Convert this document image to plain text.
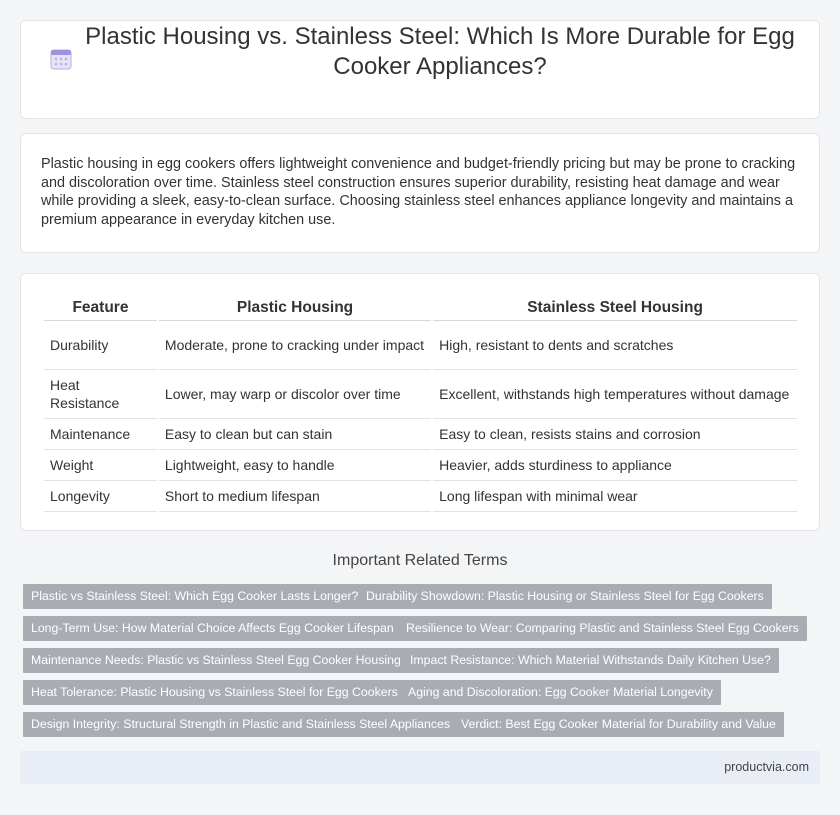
Plastic Housing vs. Stainless Steel: Which Is More Durable for Egg Cooker Appliances?

Plastic housing in egg cookers offers lightweight convenience and budget-friendly pricing but may be prone to cracking and discoloration over time. Stainless steel construction ensures superior durability, resisting heat damage and wear while providing a sleek, easy-to-clean surface. Choosing stainless steel enhances appliance longevity and maintains a premium appearance in everyday kitchen use.

Feature	Plastic Housing	Stainless Steel Housing
Durability	Moderate, prone to cracking under impact	High, resistant to dents and scratches
Heat Resistance	Lower, may warp or discolor over time	Excellent, withstands high temperatures without damage
Maintenance	Easy to clean but can stain	Easy to clean, resists stains and corrosion
Weight	Lightweight, easy to handle	Heavier, adds sturdiness to appliance
Longevity	Short to medium lifespan	Long lifespan with minimal wear
Important Related Terms
Plastic vs Stainless Steel: Which Egg Cooker Lasts Longer? Durability Showdown: Plastic Housing or Stainless Steel for Egg Cookers
Long-Term Use: How Material Choice Affects Egg Cooker Lifespan Resilience to Wear: Comparing Plastic and Stainless Steel Egg Cookers
Maintenance Needs: Plastic vs Stainless Steel Egg Cooker Housing Impact Resistance: Which Material Withstands Daily Kitchen Use?
Heat Tolerance: Plastic Housing vs Stainless Steel for Egg Cookers Aging and Discoloration: Egg Cooker Material Longevity
Design Integrity: Structural Strength in Plastic and Stainless Steel Appliances Verdict: Best Egg Cooker Material for Durability and Value
productvia.com
